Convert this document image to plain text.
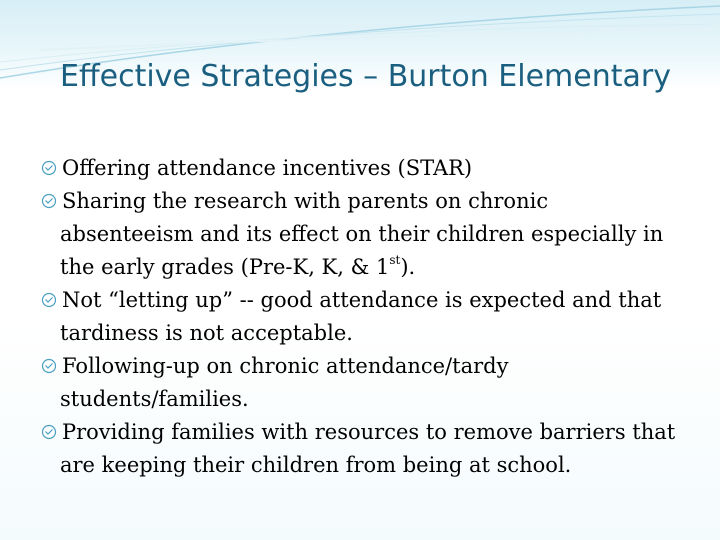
Effective Strategies – Burton Elementary
Offering attendance incentives (STAR)
Sharing the research with parents on chronic absenteeism and its effect on their children especially in the early grades (Pre-K, K, & 1st).
Not “letting up” -- good attendance is expected and that tardiness is not acceptable.
Following-up on chronic attendance/tardy students/families.
Providing families with resources to remove barriers that are keeping their children from being at school.
